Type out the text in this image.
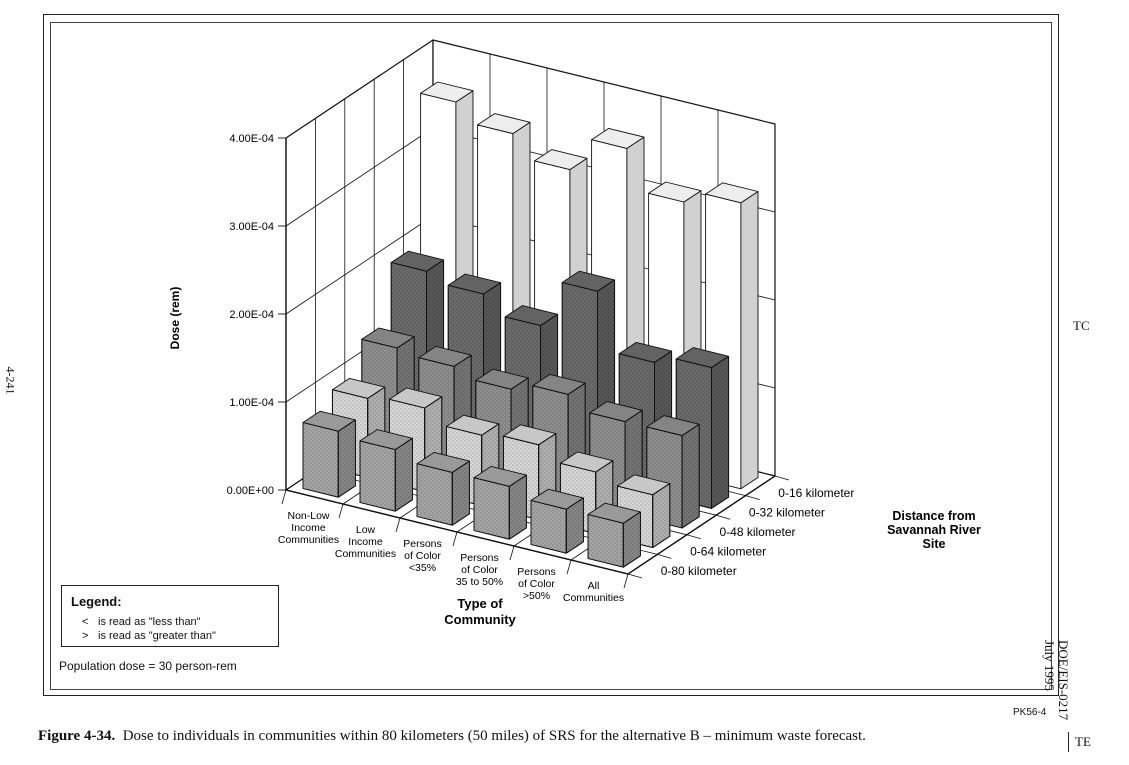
0.00E+00
1.00E-04
2.00E-04
3.00E-04
4.00E-04
Dose (rem)
Non-Low
Income
Communities
Low
Income
Communities
Persons
of Color
<35%
Persons
of Color
35 to 50%
Persons
of Color
>50%
All
Communities
0-16 kilometer
0-32 kilometer
0-48 kilometer
0-64 kilometer
0-80 kilometer
Type of
Community
Distance from
Savannah River
Site
Legend:
< is read as "less than"
> is read as "greater than"
Population dose = 30 person-rem
PK56-4
Figure 4-34. Dose to individuals in communities within 80 kilometers (50 miles) of SRS for the alternative B – minimum waste forecast.
4-241
TC
TE
DOE/EIS-0217
July 1995
